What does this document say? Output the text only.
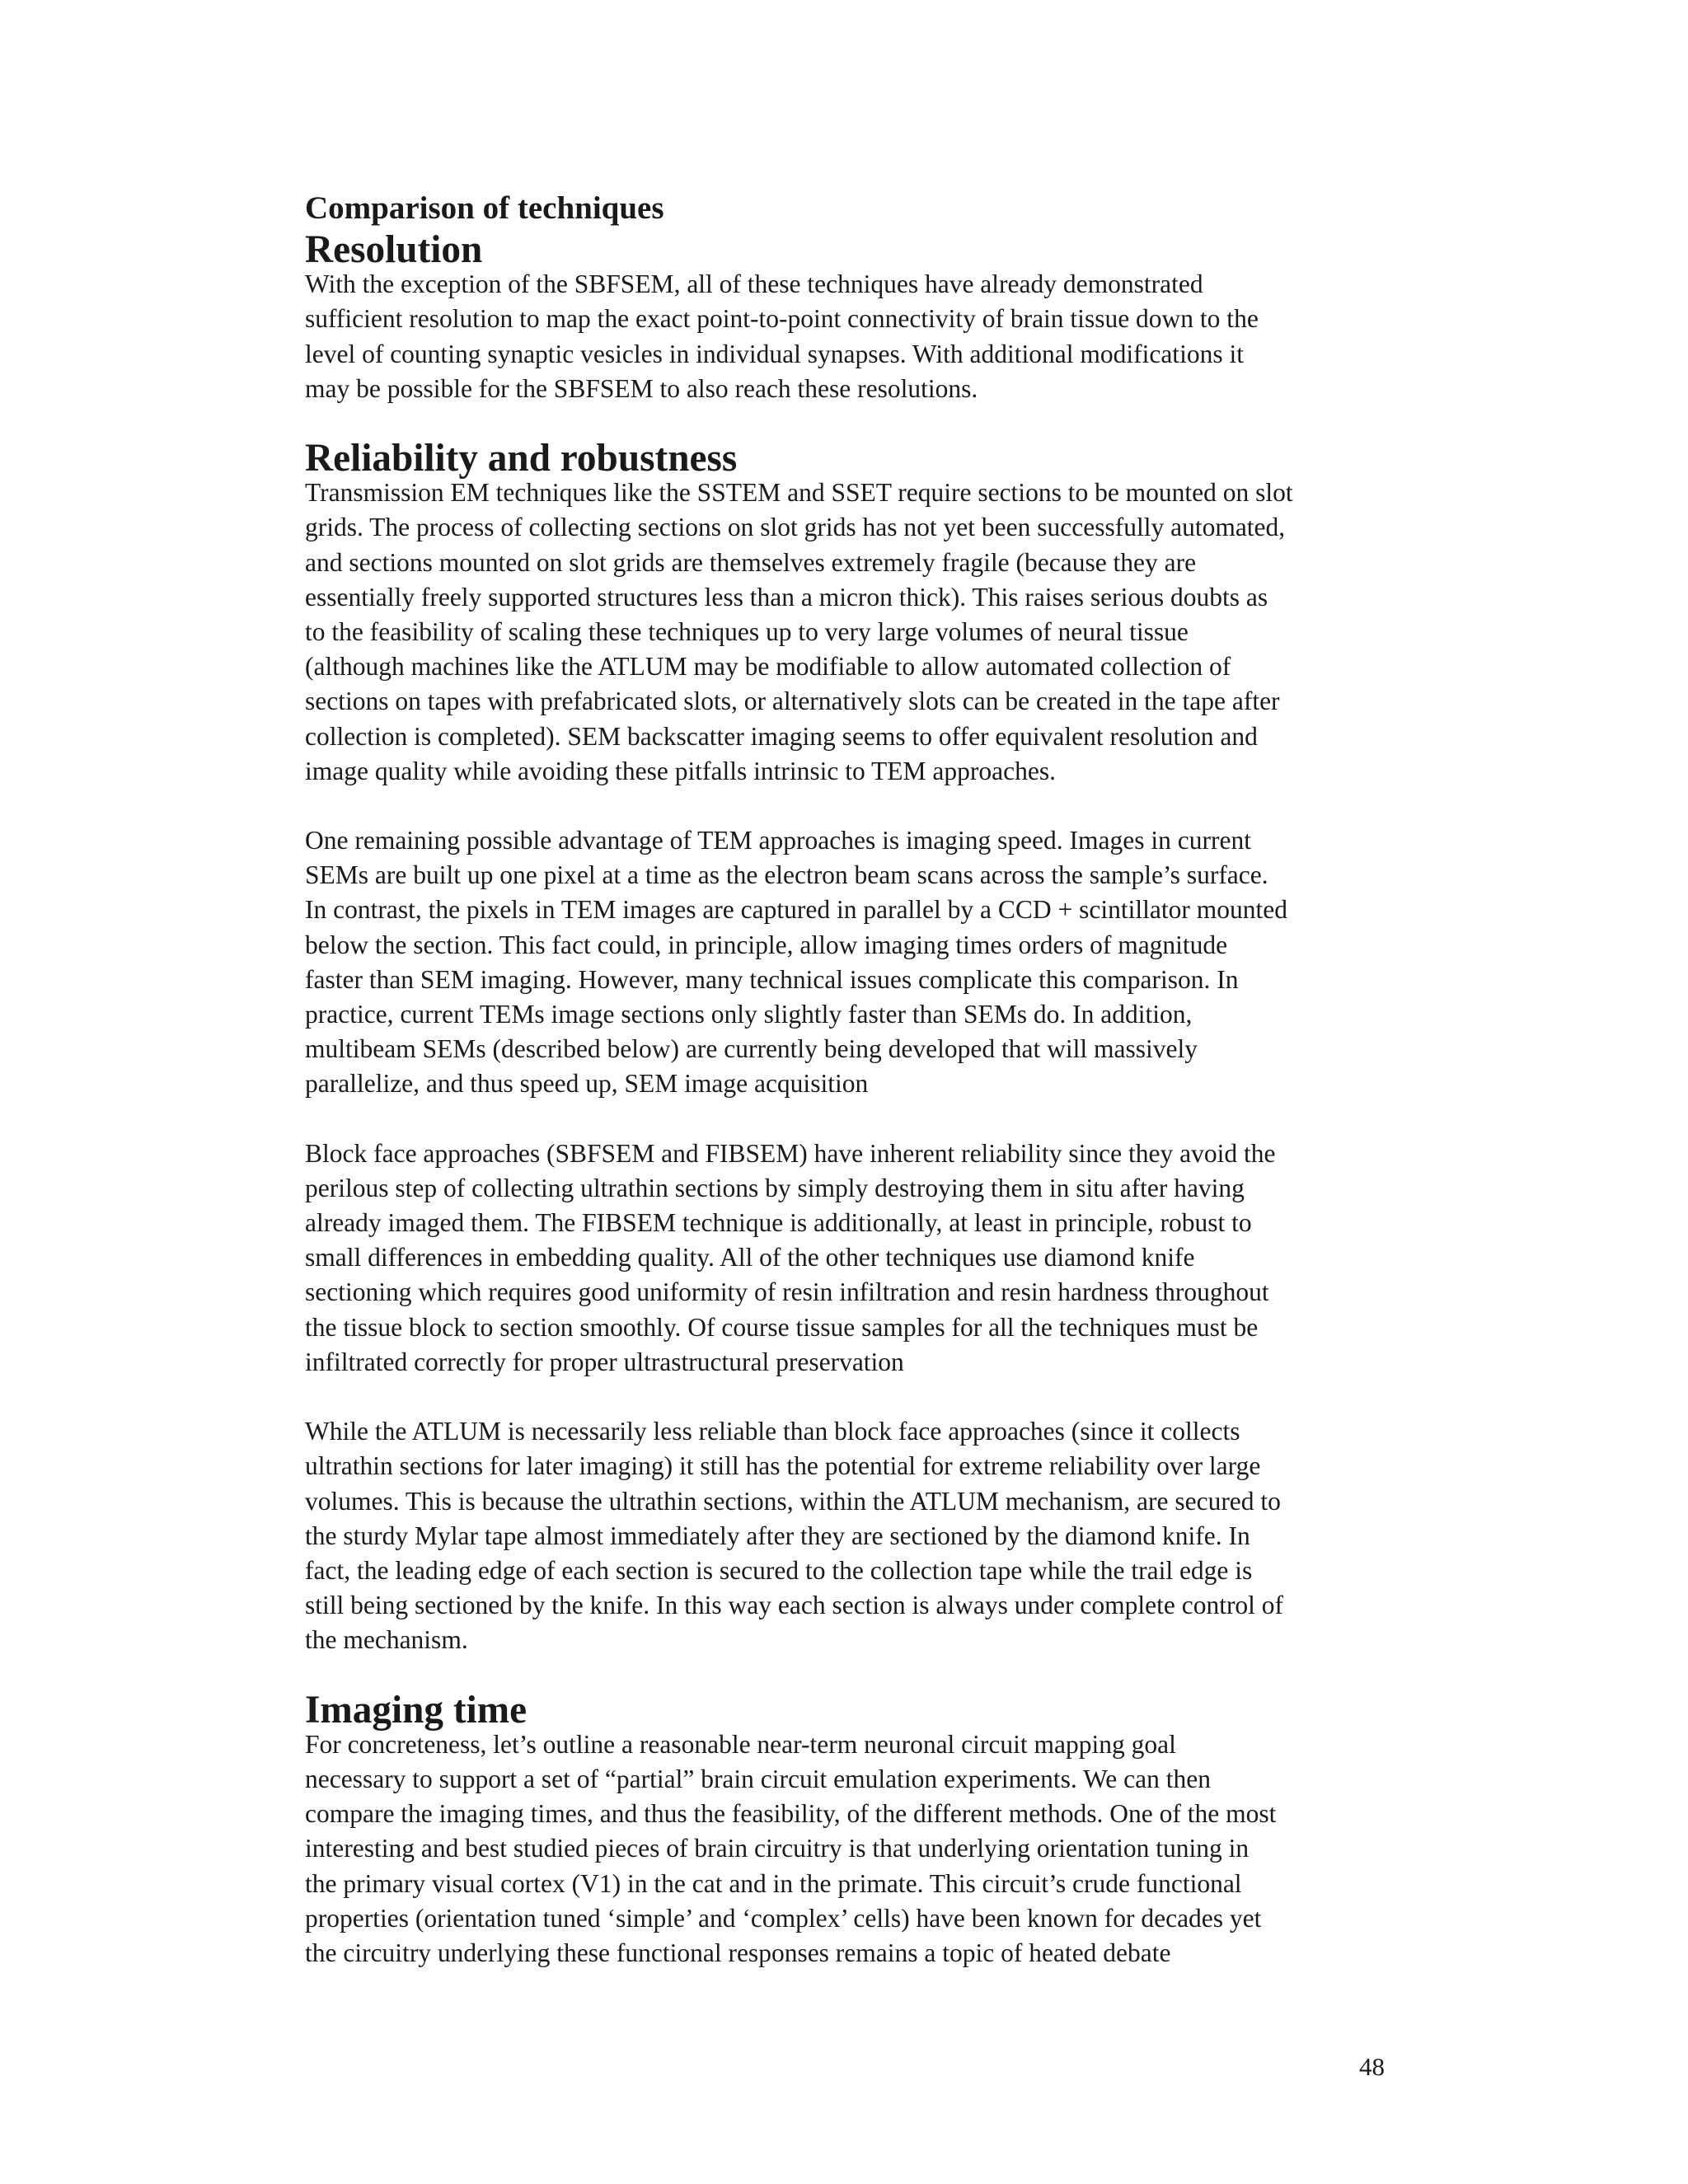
Comparison of techniques
Resolution

With the exception of the SBFSEM, all of these techniques have already demonstrated
sufficient resolution to map the exact point-to-point connectivity of brain tissue down to the
level of counting synaptic vesicles in individual synapses. With additional modifications it
may be possible for the SBFSEM to also reach these resolutions.

Reliability and robustness

Transmission EM techniques like the SSTEM and SSET require sections to be mounted on slot
grids. The process of collecting sections on slot grids has not yet been successfully automated,
and sections mounted on slot grids are themselves extremely fragile (because they are
essentially freely supported structures less than a micron thick). This raises serious doubts as
to the feasibility of scaling these techniques up to very large volumes of neural tissue
(although machines like the ATLUM may be modifiable to allow automated collection of
sections on tapes with prefabricated slots, or alternatively slots can be created in the tape after
collection is completed). SEM backscatter imaging seems to offer equivalent resolution and
image quality while avoiding these pitfalls intrinsic to TEM approaches.

One remaining possible advantage of TEM approaches is imaging speed. Images in current
SEMs are built up one pixel at a time as the electron beam scans across the sample’s surface.
In contrast, the pixels in TEM images are captured in parallel by a CCD + scintillator mounted
below the section. This fact could, in principle, allow imaging times orders of magnitude
faster than SEM imaging. However, many technical issues complicate this comparison. In
practice, current TEMs image sections only slightly faster than SEMs do. In addition,
multibeam SEMs (described below) are currently being developed that will massively
parallelize, and thus speed up, SEM image acquisition

Block face approaches (SBFSEM and FIBSEM) have inherent reliability since they avoid the
perilous step of collecting ultrathin sections by simply destroying them in situ after having
already imaged them. The FIBSEM technique is additionally, at least in principle, robust to
small differences in embedding quality. All of the other techniques use diamond knife
sectioning which requires good uniformity of resin infiltration and resin hardness throughout
the tissue block to section smoothly. Of course tissue samples for all the techniques must be
infiltrated correctly for proper ultrastructural preservation

While the ATLUM is necessarily less reliable than block face approaches (since it collects
ultrathin sections for later imaging) it still has the potential for extreme reliability over large
volumes. This is because the ultrathin sections, within the ATLUM mechanism, are secured to
the sturdy Mylar tape almost immediately after they are sectioned by the diamond knife. In
fact, the leading edge of each section is secured to the collection tape while the trail edge is
still being sectioned by the knife. In this way each section is always under complete control of
the mechanism.

Imaging time

For concreteness, let’s outline a reasonable near-term neuronal circuit mapping goal
necessary to support a set of “partial” brain circuit emulation experiments. We can then
compare the imaging times, and thus the feasibility, of the different methods. One of the most
interesting and best studied pieces of brain circuitry is that underlying orientation tuning in
the primary visual cortex (V1) in the cat and in the primate. This circuit’s crude functional
properties (orientation tuned ‘simple’ and ‘complex’ cells) have been known for decades yet
the circuitry underlying these functional responses remains a topic of heated debate

48
